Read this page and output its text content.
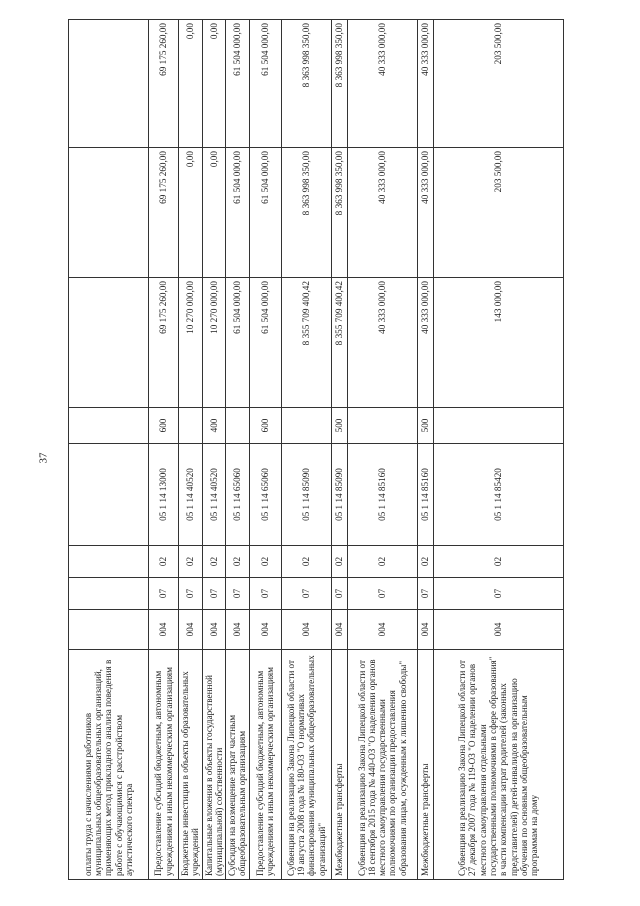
37
оплаты труда с начислениями работников муниципальных общеобразовательных организаций, применяющих метод прикладного анализа поведения в работе с обучающимися с расстройством аутистического спектра								
Предоставление субсидий бюджетным, автономным учреждениям и иным некоммерческим организациям	004	07	02	05 1 14 13000	600	69 175 260,00	69 175 260,00	69 175 260,00
Бюджетные инвестиции в объекты образовательных учреждений	004	07	02	05 1 14 40520		10 270 000,00	0,00	0,00
Капитальные вложения в объекты государственной (муниципальной) собственности	004	07	02	05 1 14 40520	400	10 270 000,00	0,00	0,00
Субсидия на возмещение затрат частным общеобразовательным организациям	004	07	02	05 1 14 65060		61 504 000,00	61 504 000,00	61 504 000,00
Предоставление субсидий бюджетным, автономным учреждениям и иным некоммерческим организациям	004	07	02	05 1 14 65060	600	61 504 000,00	61 504 000,00	61 504 000,00
Субвенция на реализацию Закона Липецкой области от 19 августа 2008 года № 180-ОЗ "О нормативах финансирования муниципальных общеобразовательных организаций"	004	07	02	05 1 14 85090		8 355 709 400,42	8 363 998 350,00	8 363 998 350,00
Межбюджетные трансферты	004	07	02	05 1 14 85090	500	8 355 709 400,42	8 363 998 350,00	8 363 998 350,00
Субвенция на реализацию Закона Липецкой области от 18 сентября 2015 года № 440-ОЗ "О наделении органов местного самоуправления государственными полномочиями по организации предоставления образования лицам, осужденным к лишению свободы"	004	07	02	05 1 14 85160		40 333 000,00	40 333 000,00	40 333 000,00
Межбюджетные трансферты	004	07	02	05 1 14 85160	500	40 333 000,00	40 333 000,00	40 333 000,00
Субвенция на реализацию Закона Липецкой области от 27 декабря 2007 года № 119-ОЗ "О наделении органов местного самоуправления отдельными государственными полномочиями в сфере образования" в части компенсации затрат родителей (законных представителей) детей-инвалидов на организацию обучения по основным общеобразовательным программам на дому	004	07	02	05 1 14 85420		143 000,00	203 500,00	203 500,00
